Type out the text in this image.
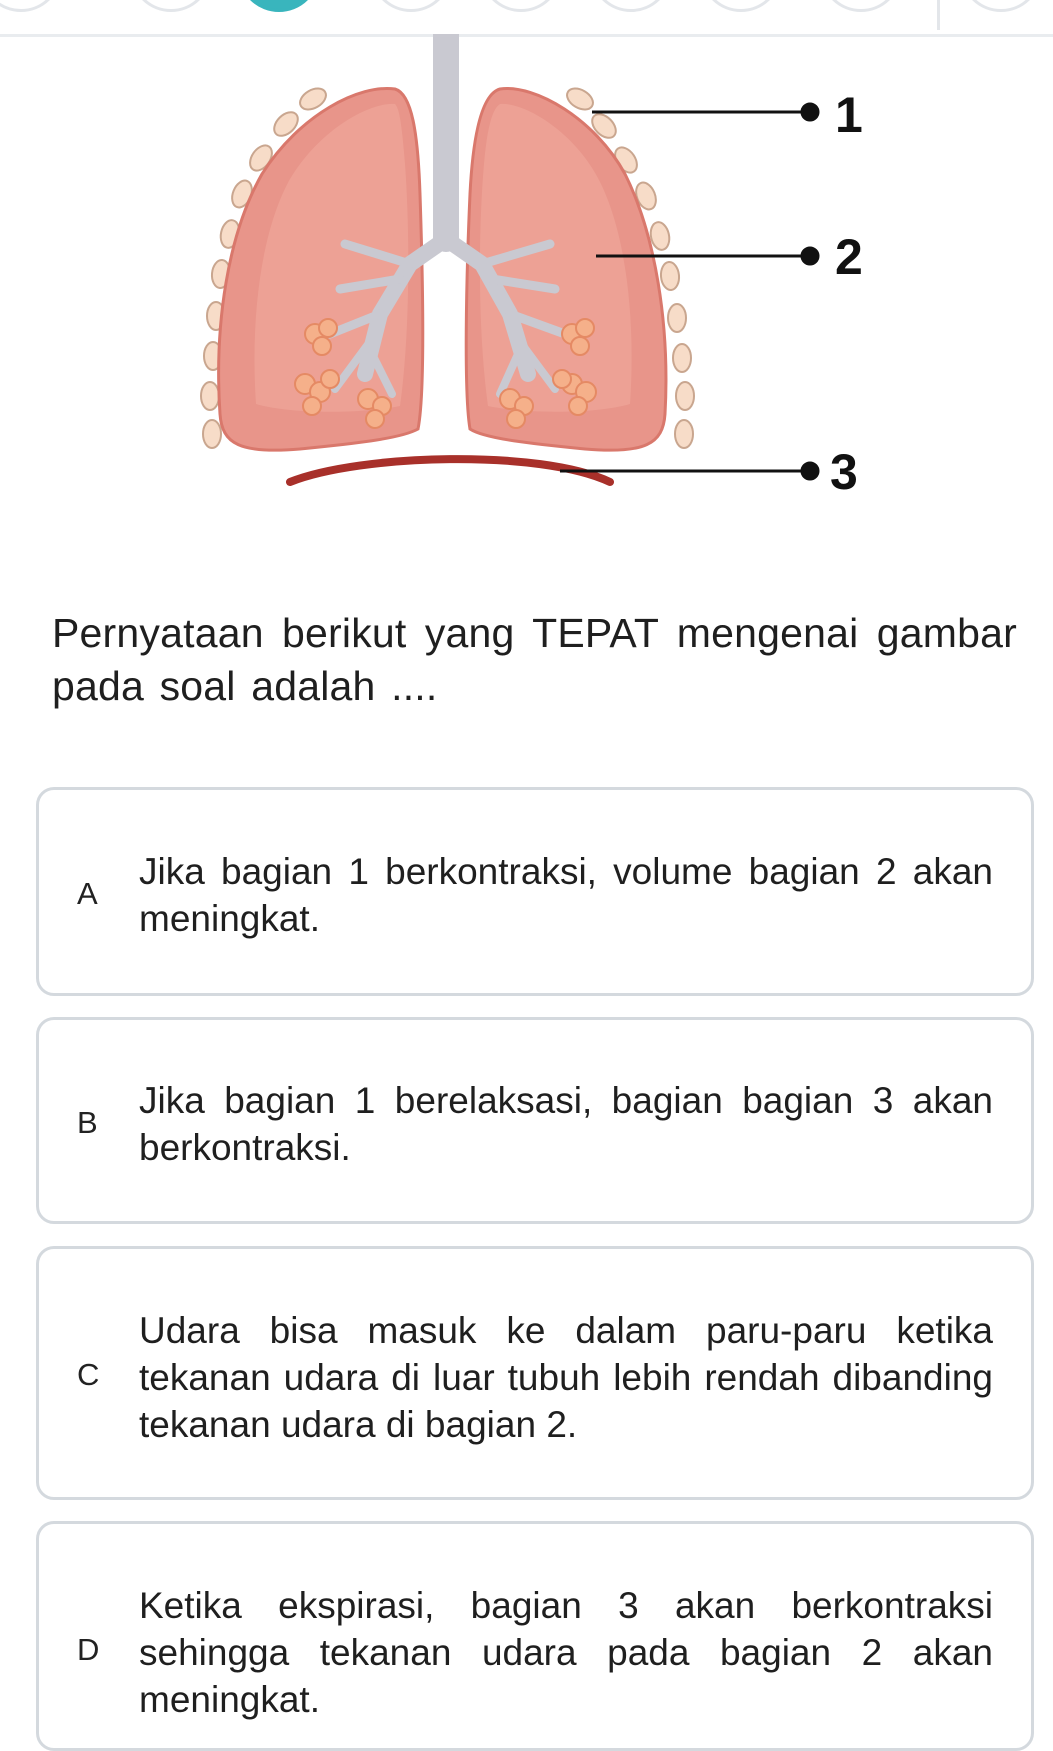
1
2
3
Pernyataan berikut yang TEPAT mengenai gambar pada soal adalah ....
A
Jika bagian 1 berkontraksi, volume bagian 2 akan meningkat.
B
Jika bagian 1 berelaksasi, bagian bagian 3 akan berkontraksi.
C
Udara bisa masuk ke dalam paru-paru ketika tekanan udara di luar tubuh lebih rendah dibanding tekanan udara di bagian 2.
D
Ketika ekspirasi, bagian 3 akan berkontraksi sehingga tekanan udara pada bagian 2 akan meningkat.
